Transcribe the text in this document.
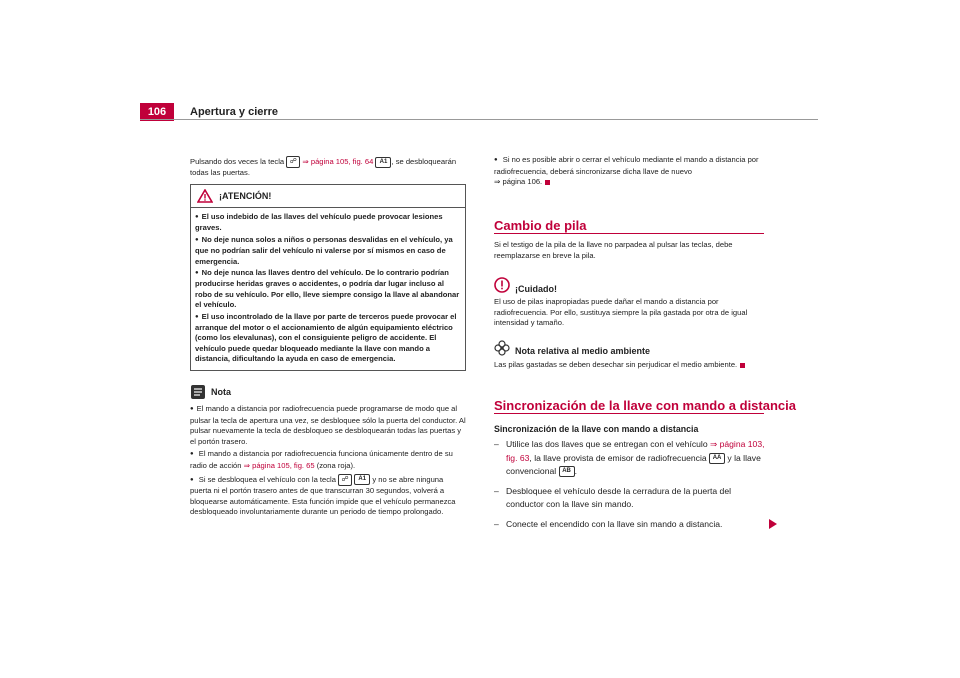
106	Apertura y cierre
Pulsando dos veces la tecla ☍ ⇒ página 105, fig. 64 A1 , se desbloquearán
todas las puertas.
¡ATENCIÓN!
● El uso indebido de las llaves del vehículo puede provocar lesiones graves.
● No deje nunca solos a niños o personas desvalidas en el vehículo, ya que no podrían salir del vehículo ni valerse por sí mismos en caso de emergencia.
● No deje nunca las llaves dentro del vehículo. De lo contrario podrían producirse heridas graves o accidentes, o podría dar lugar incluso al robo de su vehículo. Por ello, lleve siempre consigo la llave al abandonar el vehículo.
● El uso incontrolado de la llave por parte de terceros puede provocar el arranque del motor o el accionamiento de algún equipamiento eléctrico (como los elevalunas), con el consiguiente peligro de accidente. El vehículo puede quedar bloqueado mediante la llave con mando a distancia, dificultando la ayuda en caso de emergencia.
Nota
● El mando a distancia por radiofrecuencia puede programarse de modo que al pulsar la tecla de apertura una vez, se desbloquee sólo la puerta del conductor. Al pulsar nuevamente la tecla de desbloqueo se desbloquearán todas las puertas y el portón trasero.
● El mando a distancia por radiofrecuencia funciona únicamente dentro de su radio de acción ⇒ página 105, fig. 65 (zona roja).
● Si se desbloquea el vehículo con la tecla ☍ A1 y no se abre ninguna puerta ni el portón trasero antes de que transcurran 30 segundos, volverá a bloquearse automáticamente. Esta función impide que el vehículo permanezca desbloqueado involuntariamente durante un periodo de tiempo prolongado.
● Si no es posible abrir o cerrar el vehículo mediante el mando a distancia por radiofrecuencia, deberá sincronizarse dicha llave de nuevo
⇒ página 106.
Cambio de pila
Si el testigo de la pila de la llave no parpadea al pulsar las teclas, debe reemplazarse en breve la pila.
¡Cuidado!
El uso de pilas inapropiadas puede dañar el mando a distancia por radiofrecuencia. Por ello, sustituya siempre la pila gastada por otra de igual intensidad y tamaño.
Nota relativa al medio ambiente
Las pilas gastadas se deben desechar sin perjudicar el medio ambiente.
Sincronización de la llave con mando a distancia
Sincronización de la llave con mando a distancia
– Utilice las dos llaves que se entregan con el vehículo ⇒ página 103, fig. 63, la llave provista de emisor de radiofrecuencia AA y la llave convencional AB .
– Desbloquee el vehículo desde la cerradura de la puerta del conductor con la llave sin mando.
– Conecte el encendido con la llave sin mando a distancia.
